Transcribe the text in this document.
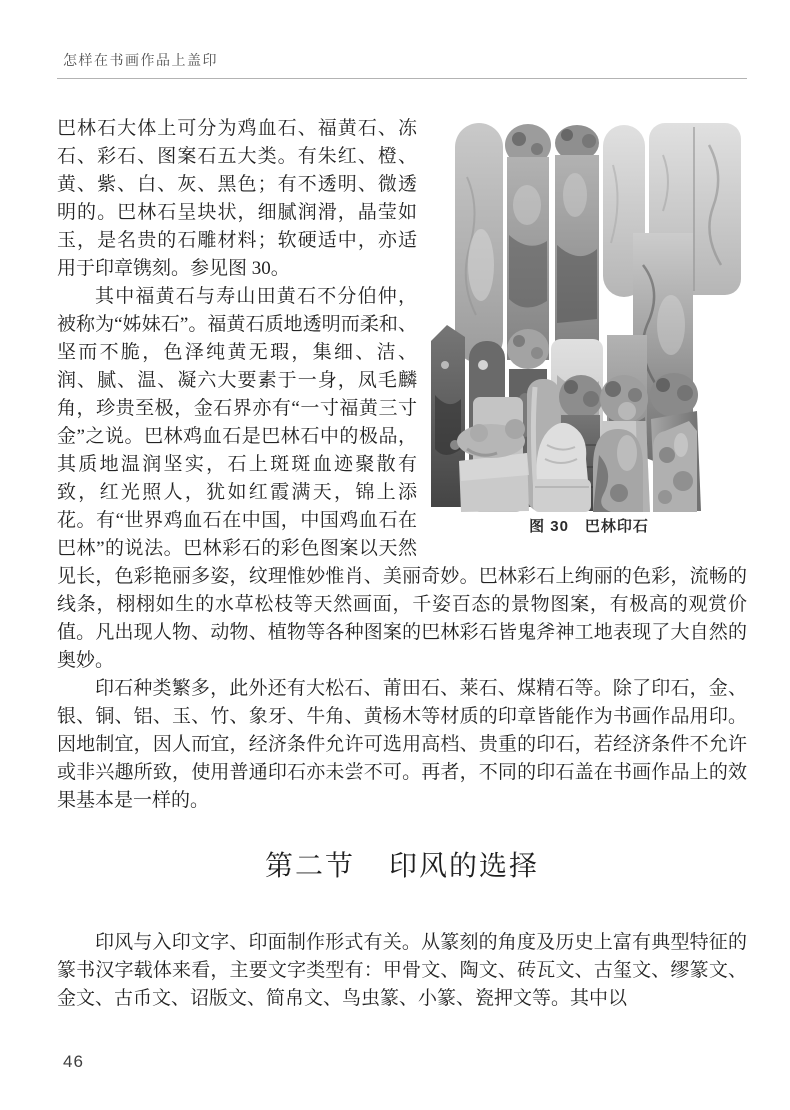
怎样在书画作品上盖印
图 30　巴林印石

巴林石大体上可分为鸡血石、福黄石、冻石、彩石、图案石五大类。有朱红、橙、黄、紫、白、灰、黑色；有不透明、微透明的。巴林石呈块状，细腻润滑，晶莹如玉，是名贵的石雕材料；软硬适中，亦适用于印章镌刻。参见图 30。

其中福黄石与寿山田黄石不分伯仲，被称为“姊妹石”。福黄石质地透明而柔和、坚而不脆，色泽纯黄无瑕，集细、洁、润、腻、温、凝六大要素于一身，凤毛麟角，珍贵至极，金石界亦有“一寸福黄三寸金”之说。巴林鸡血石是巴林石中的极品，其质地温润坚实，石上斑斑血迹聚散有致，红光照人，犹如红霞满天，锦上添花。有“世界鸡血石在中国，中国鸡血石在巴林”的说法。巴林彩石的彩色图案以天然见长，色彩艳丽多姿，纹理惟妙惟肖、美丽奇妙。巴林彩石上绚丽的色彩，流畅的线条，栩栩如生的水草松枝等天然画面，千姿百态的景物图案，有极高的观赏价值。凡出现人物、动物、植物等各种图案的巴林彩石皆鬼斧神工地表现了大自然的奥妙。

印石种类繁多，此外还有大松石、莆田石、莱石、煤精石等。除了印石，金、银、铜、铝、玉、竹、象牙、牛角、黄杨木等材质的印章皆能作为书画作品用印。因地制宜，因人而宜，经济条件允许可选用高档、贵重的印石，若经济条件不允许或非兴趣所致，使用普通印石亦未尝不可。再者，不同的印石盖在书画作品上的效果基本是一样的。

第二节 印风的选择

印风与入印文字、印面制作形式有关。从篆刻的角度及历史上富有典型特征的篆书汉字载体来看，主要文字类型有：甲骨文、陶文、砖瓦文、古玺文、缪篆文、金文、古币文、诏版文、简帛文、鸟虫篆、小篆、瓷押文等。其中以

46
